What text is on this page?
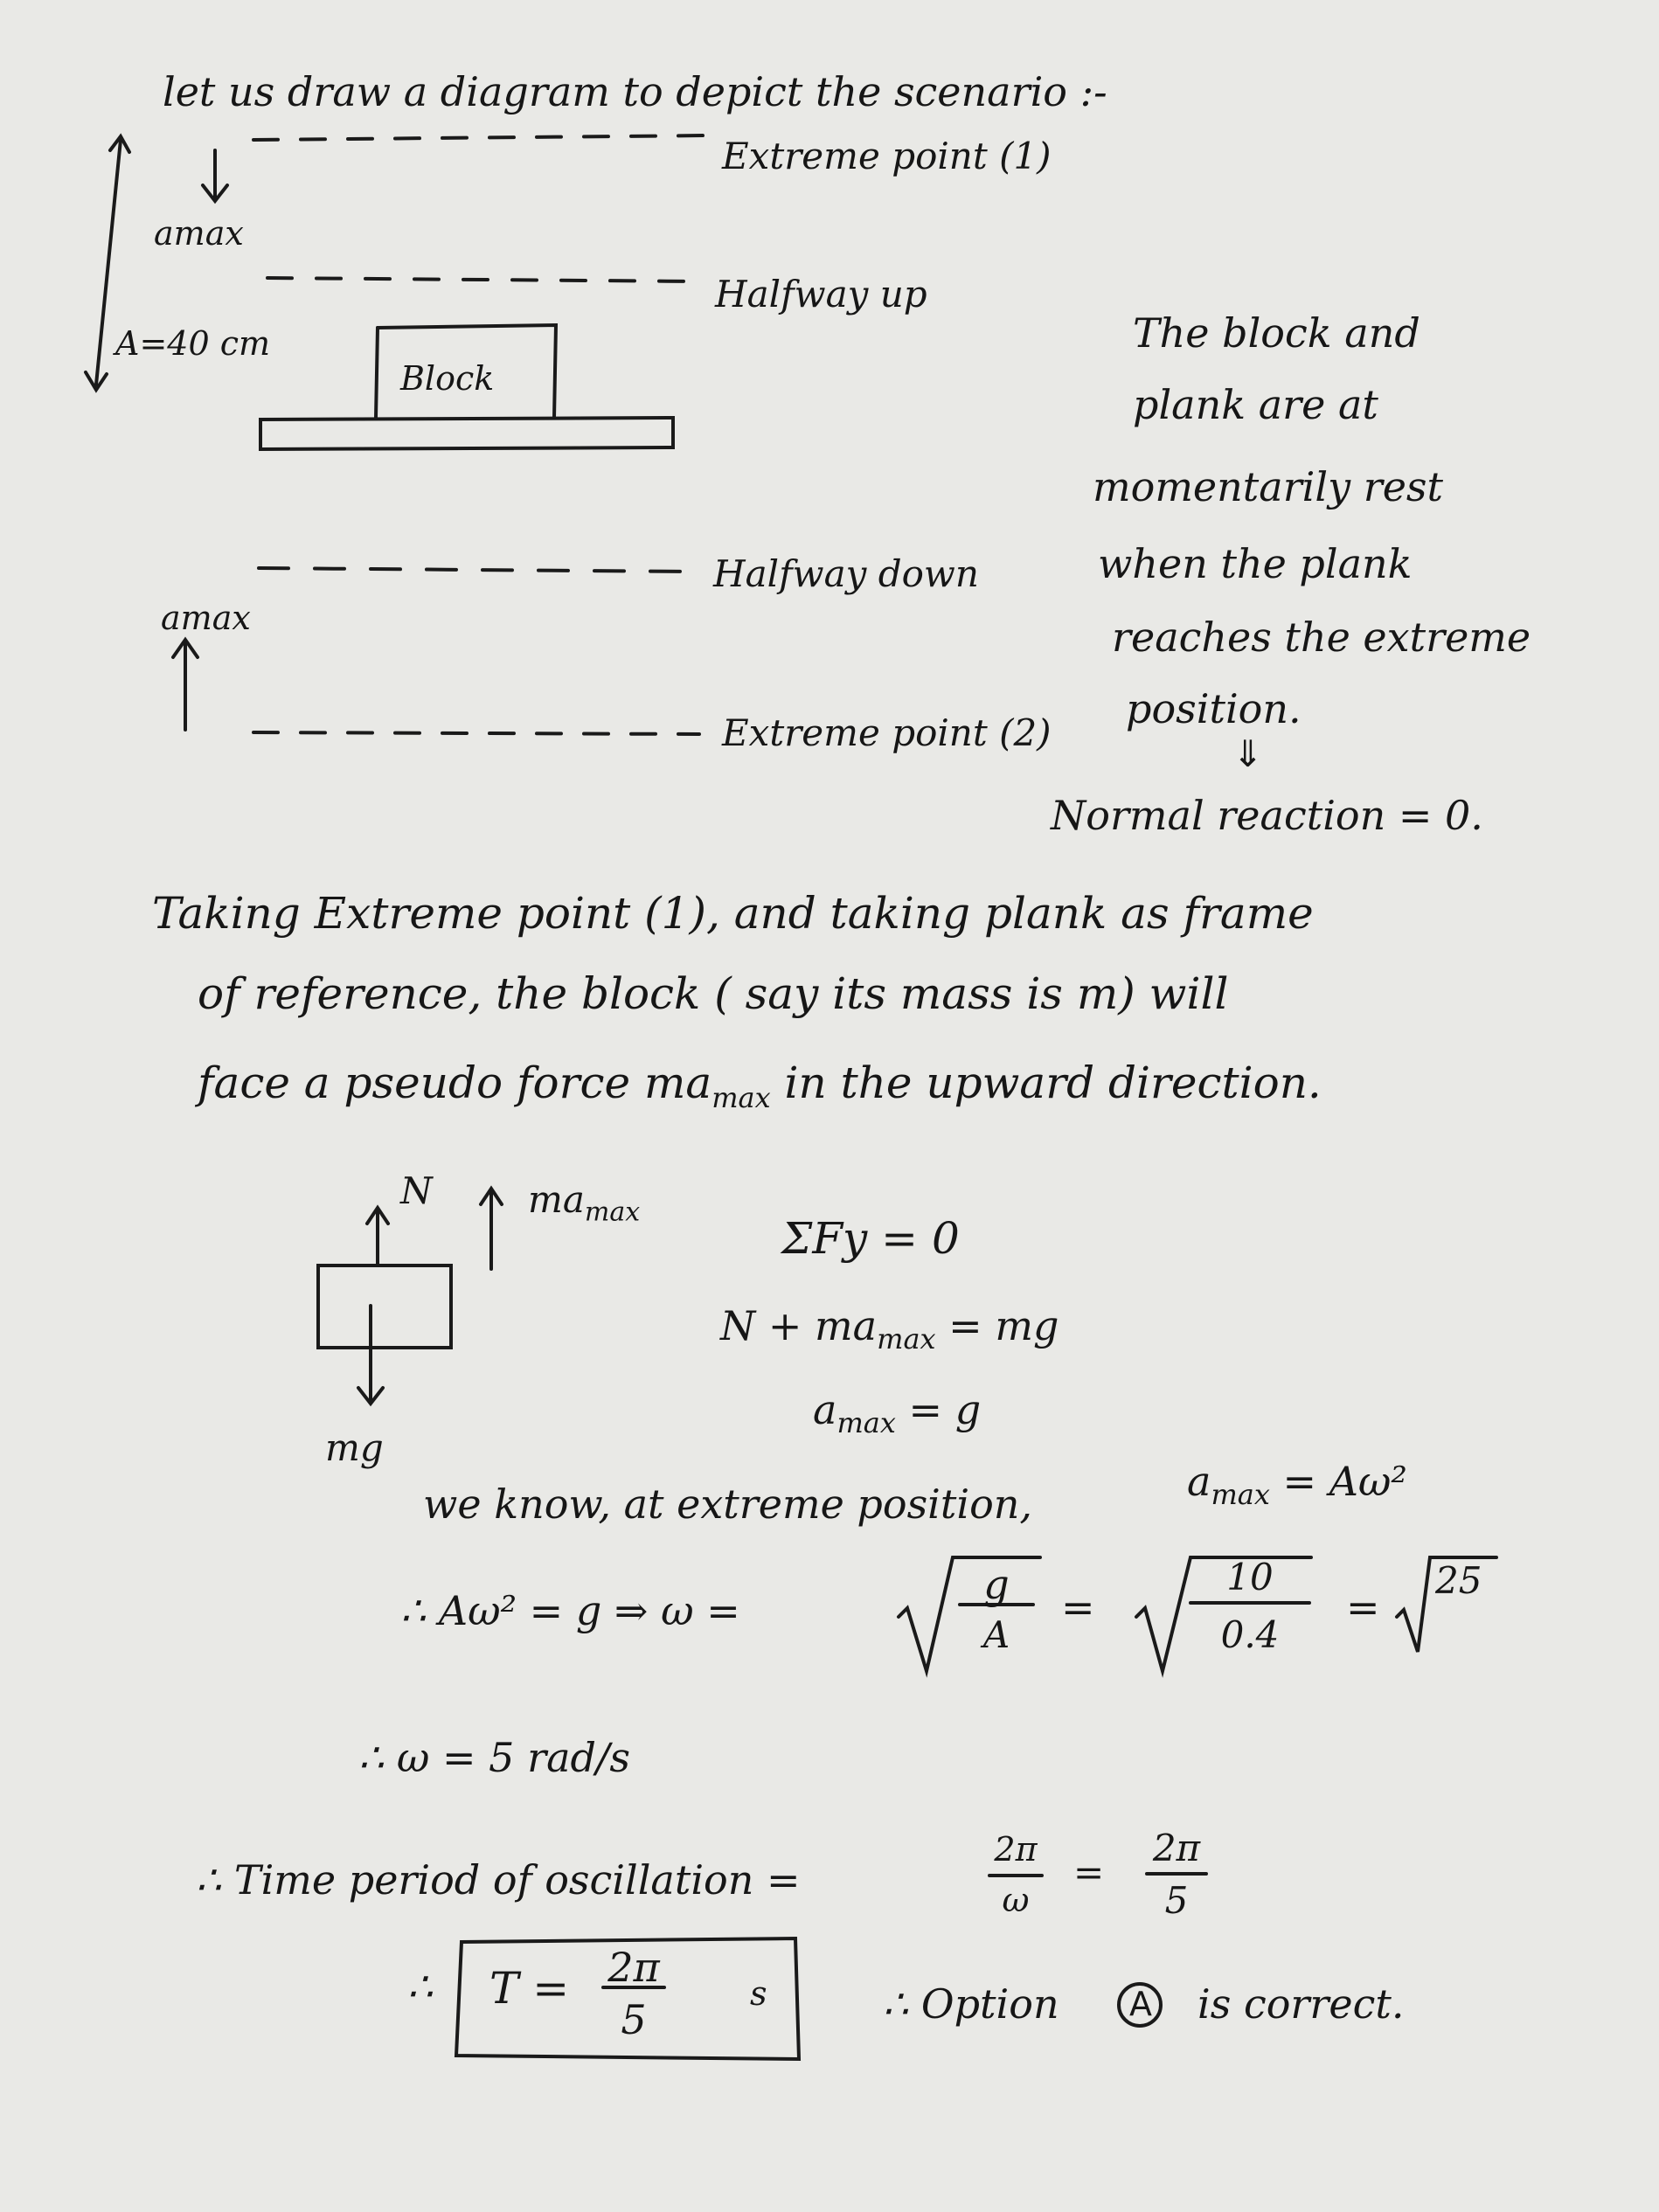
let us draw a diagram to depict the scenario :-
Extreme point (1)
amax
Halfway up
A=40 cm
Block
Halfway down
amax
Extreme point (2)
The block and
plank are at
momentarily rest
when the plank
reaches the extreme
position.
⇓
Normal reaction = 0.
Taking Extreme point (1), and taking plank as frame
of reference, the block ( say its mass is m) will
face a pseudo force $ma_{max}$ in the upward direction.
N	$ma_{max}$
mg
ΣFy = 0
$N + ma_{max}$ = mg
$a_{max} = g$
we know, at extreme position,	$a_{max} = A\omega^2$
∴ Aω² = g ⇒ ω =
g
A
=
10
0.4
=
25
∴ ω = 5 rad/s
∴ Time period of oscillation =
2π
ω
=
2π
5
∴ T = 2π
5
s	∴ Option A is correct.
